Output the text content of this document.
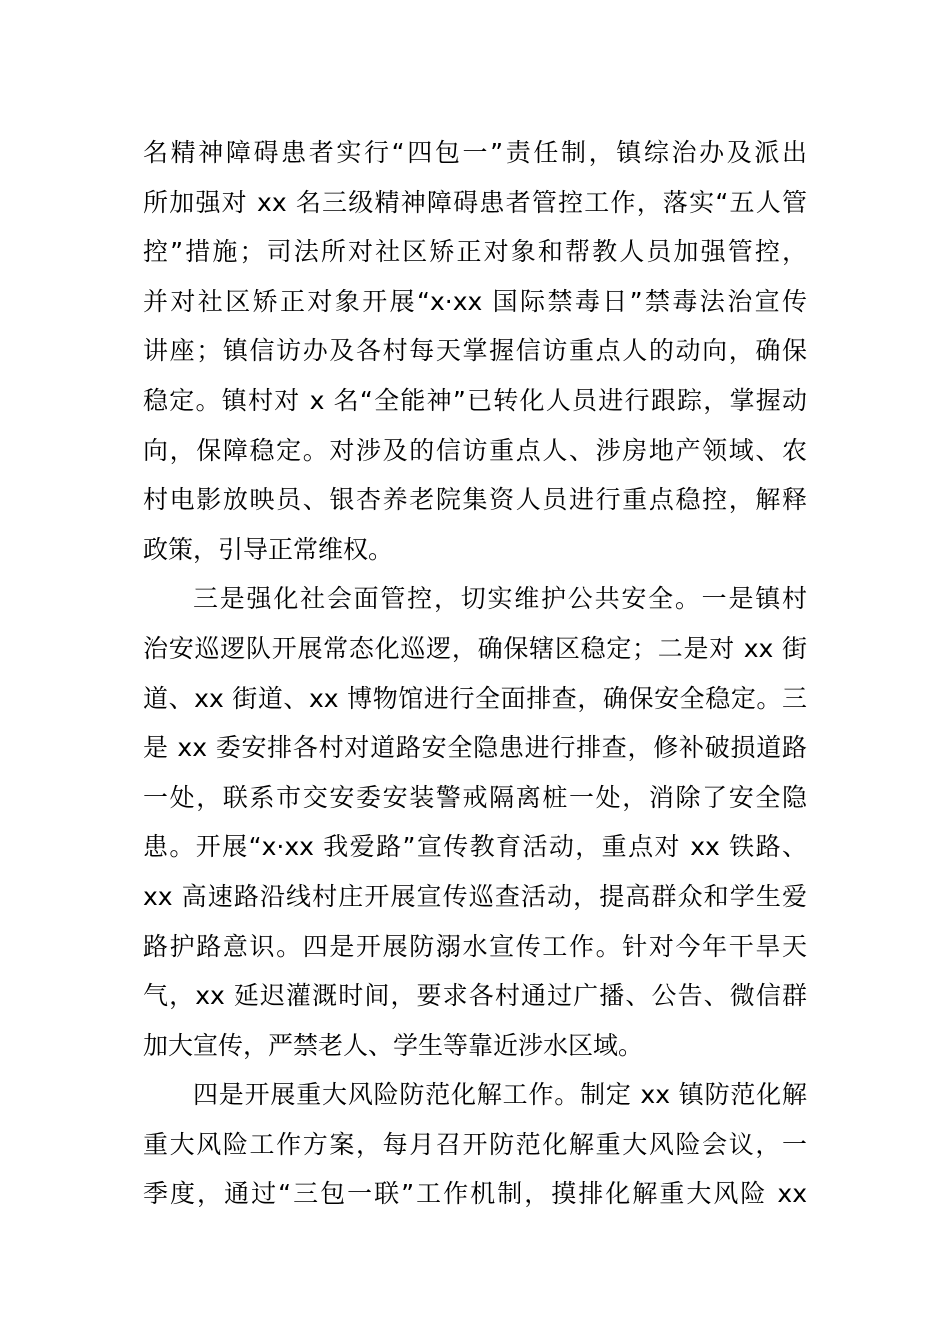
名精神障碍患者实行“四包一”责任制，镇综治办及派出
所加强对 xx 名三级精神障碍患者管控工作，落实“五人管
控”措施；司法所对社区矫正对象和帮教人员加强管控，
并对社区矫正对象开展“x·xx 国际禁毒日”禁毒法治宣传
讲座；镇信访办及各村每天掌握信访重点人的动向，确保
稳定。镇村对 x 名“全能神”已转化人员进行跟踪，掌握动
向，保障稳定。对涉及的信访重点人、涉房地产领域、农
村电影放映员、银杏养老院集资人员进行重点稳控，解释
政策，引导正常维权。
三是强化社会面管控，切实维护公共安全。一是镇村
治安巡逻队开展常态化巡逻，确保辖区稳定；二是对 xx 街
道、xx 街道、xx 博物馆进行全面排查，确保安全稳定。三
是 xx 委安排各村对道路安全隐患进行排查，修补破损道路
一处，联系市交安委安装警戒隔离桩一处，消除了安全隐
患。开展“x·xx 我爱路”宣传教育活动，重点对 xx 铁路、
xx 高速路沿线村庄开展宣传巡查活动，提高群众和学生爱
路护路意识。四是开展防溺水宣传工作。针对今年干旱天
气，xx 延迟灌溉时间，要求各村通过广播、公告、微信群
加大宣传，严禁老人、学生等靠近涉水区域。
四是开展重大风险防范化解工作。制定 xx 镇防范化解
重大风险工作方案，每月召开防范化解重大风险会议，一
季度，通过“三包一联”工作机制，摸排化解重大风险 xx
